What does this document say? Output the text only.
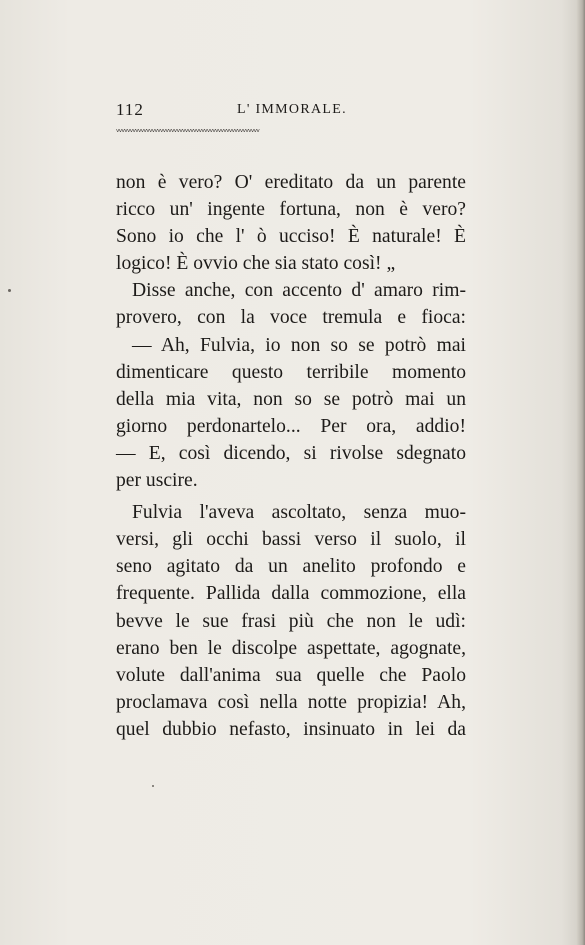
112	L' IMMORALE.
ᵥᵥᵥᵥᵥᵥᵥᵥᵥᵥᵥᵥᵥᵥᵥᵥᵥᵥᵥᵥᵥᵥᵥᵥᵥᵥᵥᵥᵥᵥᵥᵥᵥᵥᵥᵥᵥᵥᵥᵥᵥᵥᵥᵥᵥᵥᵥᵥᵥᵥᵥᵥ
non è vero? O' ereditato da un parente
ricco un' ingente fortuna, non è vero?
Sono io che l' ò ucciso! È naturale! È
logico! È ovvio che sia stato così! „
Disse anche, con accento d' amaro rim-
provero, con la voce tremula e fioca:
— Ah, Fulvia, io non so se potrò mai
dimenticare questo terribile momento
della mia vita, non so se potrò mai un
giorno perdonartelo... Per ora, addio!
— E, così dicendo, si rivolse sdegnato
per uscire.
Fulvia l'aveva ascoltato, senza muo-
versi, gli occhi bassi verso il suolo, il
seno agitato da un anelito profondo e
frequente. Pallida dalla commozione, ella
bevve le sue frasi più che non le udì:
erano ben le discolpe aspettate, agognate,
volute dall'anima sua quelle che Paolo
proclamava così nella notte propizia! Ah,
quel dubbio nefasto, insinuato in lei da
